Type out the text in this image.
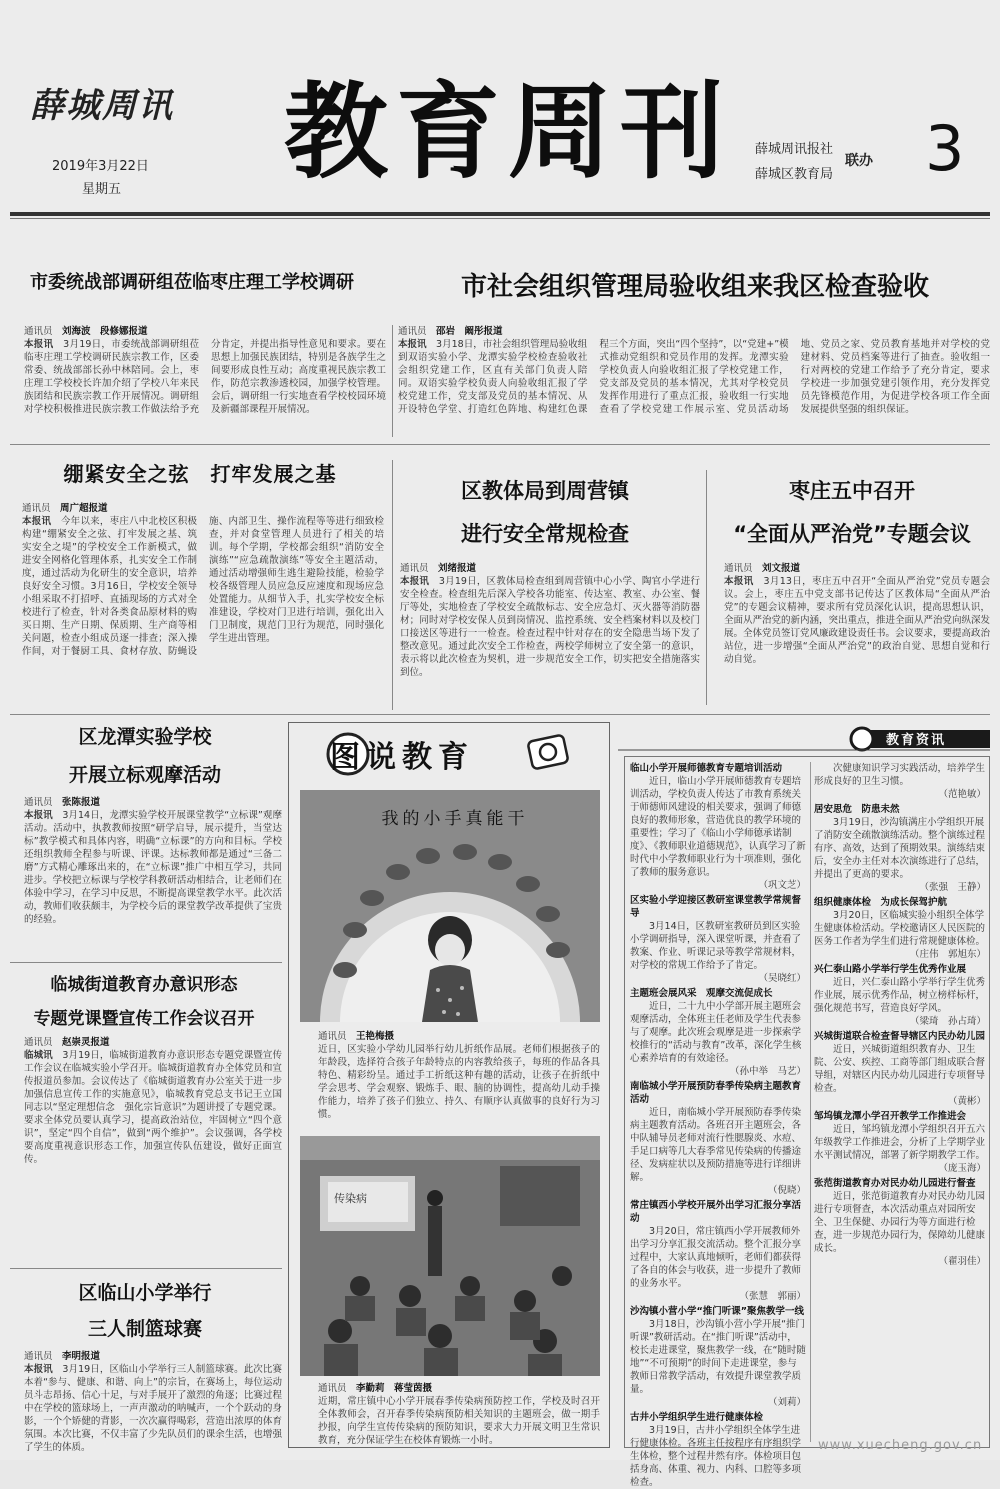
薛城周讯
2019年3月22日
星期五 教育周刊 薛城周讯报社
薛城区教育局
联办 3
市委统战部调研组莅临枣庄理工学校调研
通讯员　 刘海波　段修娜报道
本报讯　 3月19日，市委统战部调研组莅临枣庄理工学校调研民族宗教工作，区委常委、统战部部长孙中林陪同。会上，枣庄理工学校校长许加介绍了学校八年来民族团结和民族宗教工作开展情况。调研组对学校积极推进民族宗教工作做法给予充分肯定，并提出指导性意见和要求。要在思想上加强民族团结，特别是各族学生之间要形成良性互动；高度重视民族宗教工作，防范宗教渗透校园，加强学校管理。会后，调研组一行实地查看学校校园环境及新疆部课程开展情况。
市社会组织管理局验收组来我区检查验收
通讯员　 邵岩　阚彤报道
本报讯　 3月18日，市社会组织管理局验收组到双语实验小学、龙潭实验学校检查验收社会组织党建工作，区直有关部门负责人陪同。双语实验学校负责人向验收组汇报了学校党建工作，党支部及党员的基本情况、从开设特色学堂、打造红色阵地、构建红色课程三个方面，突出“四个坚持”，以“党建+”模式推动党组织和党员作用的发挥。龙潭实验学校负责人向验收组汇报了学校党建工作，党支部及党员的基本情况，尤其对学校党员发挥作用进行了重点汇报，验收组一行实地查看了学校党建工作展示室、党员活动场地、党员之家、党员教育基地并对学校的党建材料、党员档案等进行了抽查。验收组一行对两校的党建工作给予了充分肯定，要求学校进一步加强党建引领作用，充分发挥党员先锋模范作用，为促进学校各项工作全面发展提供坚强的组织保证。
绷紧安全之弦　打牢发展之基
通讯员　 周广超报道
本报讯　 今年以来，枣庄八中北校区积极构建“绷紧安全之弦、打牢发展之基、筑实安全之堤”的学校安全工作新模式，做进安全网格化管理体系，扎实安全工作制度，通过活动为化研生的安全意识，培养良好安全习惯。3月16日，学校安全领导小组采取不打招呼、直插现场的方式对全校进行了检查，针对各类食品原材料的购买日期、生产日期、保质期、生产商等相关问题，检查小组成员逐一排查；深入操作间，对于餐厨工具、食材存放、防蝇设施、内部卫生、操作流程等等进行细致检查，并对食堂管理人员进行了相关的培训。每个学期，学校都会组织“消防安全演练”“应急疏散演练”等安全主题活动，通过活动增强师生逃生避险技能，检验学校各级管理人员应急反应速度和现场应急处置能力。从细节入手，扎实学校安全标准建设，学校对门卫进行培训，强化出入门卫制度，规范门卫行为规范，同时强化学生进出管理。
区教体局到周营镇
进行安全常规检查
通讯员　 刘绪报道
本报讯　 3月19日，区教体局检查组到周营镇中心小学、陶官小学进行安全检查。检查组先后深入学校各功能室、传达室、教室、办公室、餐厅等处，实地检查了学校安全疏散标志、安全应急灯、灭火器等消防器材；同时对学校安保人员到岗情况、监控系统、安全档案材料以及校门口接送区等进行一一检查。检查过程中针对存在的安全隐患当场下发了整改意见。通过此次安全工作检查，两校学师树立了安全第一的意识，表示将以此次检查为契机，进一步规范安全工作，切实把安全措施落实到位。
枣庄五中召开
“全面从严治党”专题会议
通讯员　 刘文报道
本报讯　 3月13日，枣庄五中召开“全面从严治党”党员专题会议。会上，枣庄五中党支部书记传达了区教体局“全面从严治党”的专题会议精神，要求所有党员深化认识，提高思想认识，全面从严治党的新内涵，突出重点，推进全面从严治党向纵深发展。全体党员签订党风廉政建设责任书。会议要求，要提高政治站位，进一步增强“全面从严治党”的政治自觉、思想自觉和行动自觉。
区龙潭实验学校
开展立标观摩活动
通讯员　 张陈报道
本报讯　 3月14日，龙潭实验学校开展课堂教学“立标课”观摩活动。活动中，执教教师按照“研学启导，展示提升，当堂达标”教学模式和具体内容，明确“立标课”的方向和目标。学校还组织教师全程参与听课、评课。达标教师都是通过“三备二磨”方式精心雕琢出来的，在“立标课”推广中相互学习，共同进步。学校把立标课与学校学科教研活动相结合，让老师们在体验中学习，在学习中反思，不断提高课堂教学水平。此次活动，教师们收获颇丰，为学校今后的课堂教学改革提供了宝贵的经验。
临城街道教育办意识形态
专题党课暨宣传工作会议召开
通讯员　 赵崇灵报道
临城讯　 3月19日，临城街道教育办意识形态专题党课暨宣传工作会议在临城实验小学召开。临城街道教育办全体党员和宣传报道员参加。会议传达了《临城街道教育办公室关于进一步加强信息宣传工作的实施意见》，临城教育党总支书记王立国同志以“坚定理想信念　强化宗旨意识”为题讲授了专题党课。要求全体党员要认真学习，提高政治站位，牢固树立“四个意识”，坚定“四个自信”，做到“两个维护”。会议强调，各学校要高度重视意识形态工作，加强宣传队伍建设，做好正面宣传。
区临山小学举行
三人制篮球赛
通讯员　 李明报道
本报讯　 3月19日，区临山小学举行三人制篮球赛。此次比赛本着“参与、健康、和谐、向上”的宗旨，在赛场上，每位运动员斗志昂扬、信心十足，与对手展开了激烈的角逐；比赛过程中在学校的篮球场上，一声声激动的呐喊声，一个个跃动的身影，一个个矫健的背影，一次次赢得喝彩，营造出浓厚的体育氛围。本次比赛，不仅丰富了少先队员们的课余生活，也增强了学生的体质。
图说教育
我的小手真能干
通讯员　 王艳梅摄
近日，区实验小学幼儿园举行幼儿折纸作品展。老师们根据孩子的年龄段，选择符合孩子年龄特点的内容教给孩子，每班的作品各具特色、精彩纷呈。通过手工折纸这种有趣的活动，让孩子在折纸中学会思考、学会观察、锻炼手、眼、脑的协调性，提高幼儿动手操作能力，培养了孩子们独立、持久、有顺序认真做事的良好行为习惯。
传染病
通讯员　 李勤莉　蒋莹茵摄
近期，常庄镇中心小学开展春季传染病预防控工作，学校及时召开全体教师会，召开春季传染病预防相关知识的主题班会，做一期手抄报，向学生宣传传染病的预防知识，要求大力开展文明卫生常识教育，充分保证学生在校体育锻炼一小时。
教育资讯
临山小学开展师德教育专题培训活动
近日，临山小学开展师德教育专题培训活动，学校负责人传达了市教育系统关于师德师风建设的相关要求，强调了师德良好的教师形象，营造优良的教学环境的重要性；学习了《临山小学师德承诺制度》、《教师职业道德规范》，认真学习了新时代中小学教师职业行为十项准则，强化了教师的服务意识。
（巩文芝）
区实验小学迎接区教研室课堂教学常规督导
3月14日，区教研室教研员到区实验小学调研指导，深入课堂听课，并查看了教案、作业、听课记录等教学常规材料，对学校的常规工作给予了肯定。
（吴晓红）
主题班会展风采　观摩交流促成长
近日，二十九中小学部开展主题班会观摩活动，全体班主任老师及学生代表参与了观摩。此次班会观摩是进一步探索学校推行的“活动与教育”改革，深化学生核心素养培育的有效途径。
（孙中举　马艺）
南临城小学开展预防春季传染病主题教育活动
近日，南临城小学开展预防春季传染病主题教育活动。各班召开主题班会，各中队辅导员老师对流行性腮腺炎、水痘、手足口病等几大春季常见传染病的传播途径、发病症状以及预防措施等进行详细讲解。
（倪晓）
常庄镇西小学校开展外出学习汇报分享活动
3月20日，常庄镇西小学开展教师外出学习分享汇报交流活动。整个汇报分享过程中，大家认真地倾听，老师们都获得了各自的体会与收获，进一步提升了教师的业务水平。
（张慧　郭丽）
沙沟镇小营小学“推门听课”聚焦教学一线
3月18日，沙沟镇小营小学开展“推门听课”教研活动。在“推门听课”活动中，校长走进课堂，聚焦教学一线，在“随时随地”“不可预期”的时间下走进课堂，参与教师日常教学活动，有效提升课堂教学质量。
（刘莉）
古井小学组织学生进行健康体检
3月19日，古井小学组织全体学生进行健康体检。各班主任按程序有序组织学生体检，整个过程井然有序。体检项目包括身高、体重、视力、内科、口腔等多项检查。
次健康知识学习实践活动，培养学生形成良好的卫生习惯。
（范艳敏）
居安思危　防患未然
3月19日，沙沟镇满庄小学组织开展了消防安全疏散演练活动。整个演练过程有序、高效，达到了预期效果。演练结束后，安全办主任对本次演练进行了总结，并提出了更高的要求。
（张强　王静）
组织健康体检　为成长保驾护航
3月20日，区临城实验小组织全体学生健康体检活动。学校邀请区人民医院的医务工作者为学生们进行常规健康体检。
（庄伟　郭旭东）
兴仁泰山路小学举行学生优秀作业展
近日，兴仁泰山路小学举行学生优秀作业展，展示优秀作品，树立榜样标杆，强化规范书写，营造良好学风。
（梁琦　孙占琦）
兴城街道联合检查督导辖区内民办幼儿园
近日，兴城街道组织教育办、卫生院、公安、疾控、工商等部门组成联合督导组，对辖区内民办幼儿园进行专项督导检查。
（黄彬）
邹坞镇龙潭小学召开教学工作推进会
近日，邹坞镇龙潭小学组织召开五六年级教学工作推进会，分析了上学期学业水平测试情况，部署了新学期教学工作。
（庞玉海）
张范街道教育办对民办幼儿园进行督查
近日，张范街道教育办对民办幼儿园进行专项督查，本次活动重点对园所安全、卫生保健、办园行为等方面进行检查，进一步规范办园行为，保障幼儿健康成长。
（翟羽佳）
www.xuecheng.gov.cn
